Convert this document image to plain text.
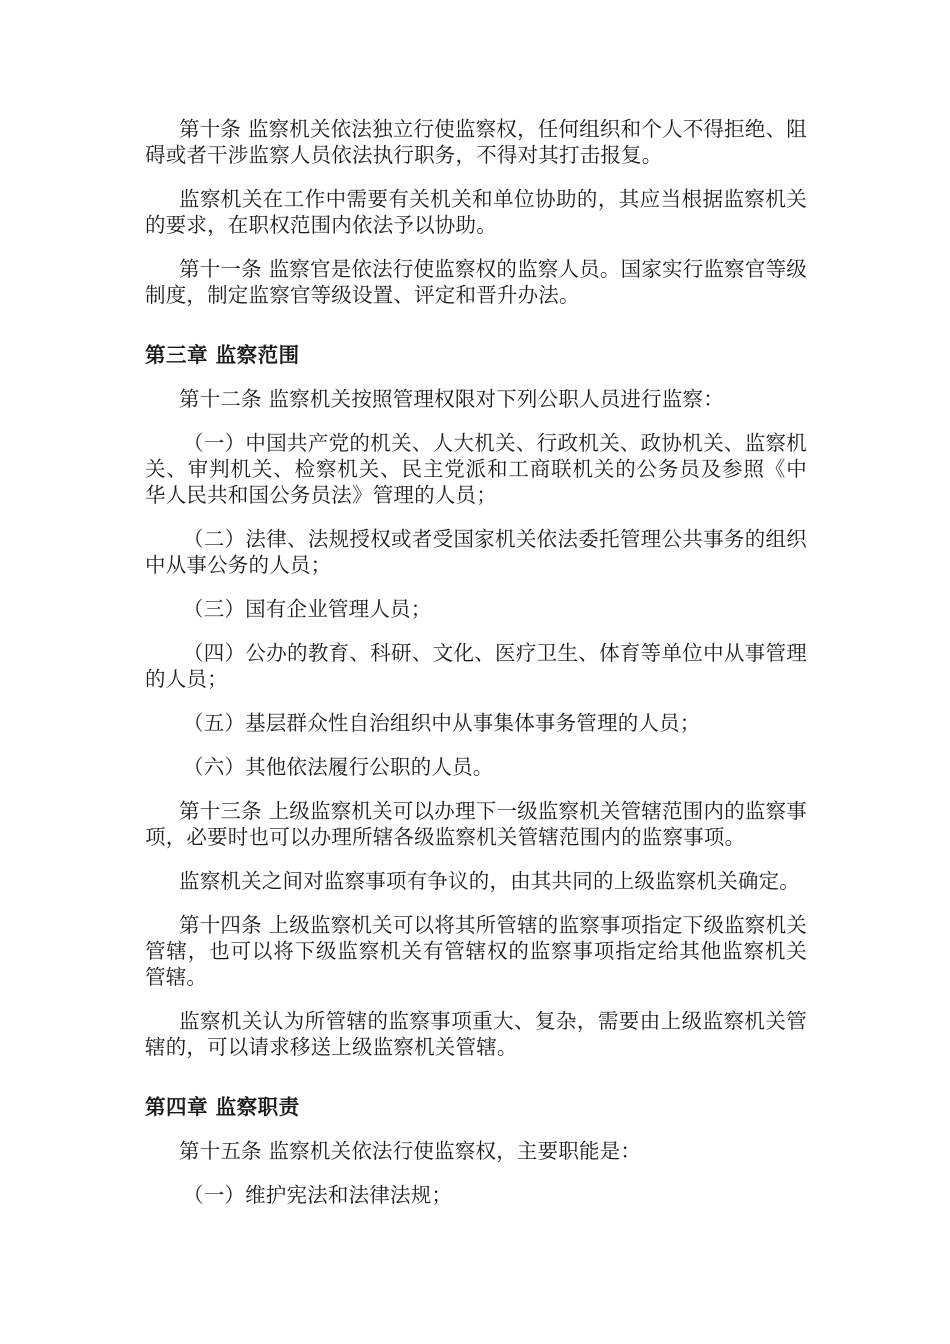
第十条 监察机关依法独立行使监察权，任何组织和个人不得拒绝、阻碍或者干涉监察人员依法执行职务，不得对其打击报复。

监察机关在工作中需要有关机关和单位协助的，其应当根据监察机关的要求，在职权范围内依法予以协助。

第十一条 监察官是依法行使监察权的监察人员。国家实行监察官等级制度，制定监察官等级设置、评定和晋升办法。

第三章 监察范围

第十二条 监察机关按照管理权限对下列公职人员进行监察：

（一）中国共产党的机关、人大机关、行政机关、政协机关、监察机关、审判机关、检察机关、民主党派和工商联机关的公务员及参照《中华人民共和国公务员法》管理的人员；

（二）法律、法规授权或者受国家机关依法委托管理公共事务的组织中从事公务的人员；

（三）国有企业管理人员；

（四）公办的教育、科研、文化、医疗卫生、体育等单位中从事管理的人员；

（五）基层群众性自治组织中从事集体事务管理的人员；

（六）其他依法履行公职的人员。

第十三条 上级监察机关可以办理下一级监察机关管辖范围内的监察事项，必要时也可以办理所辖各级监察机关管辖范围内的监察事项。

监察机关之间对监察事项有争议的，由其共同的上级监察机关确定。

第十四条 上级监察机关可以将其所管辖的监察事项指定下级监察机关管辖，也可以将下级监察机关有管辖权的监察事项指定给其他监察机关管辖。

监察机关认为所管辖的监察事项重大、复杂，需要由上级监察机关管辖的，可以请求移送上级监察机关管辖。

第四章 监察职责

第十五条 监察机关依法行使监察权，主要职能是：

（一）维护宪法和法律法规；
